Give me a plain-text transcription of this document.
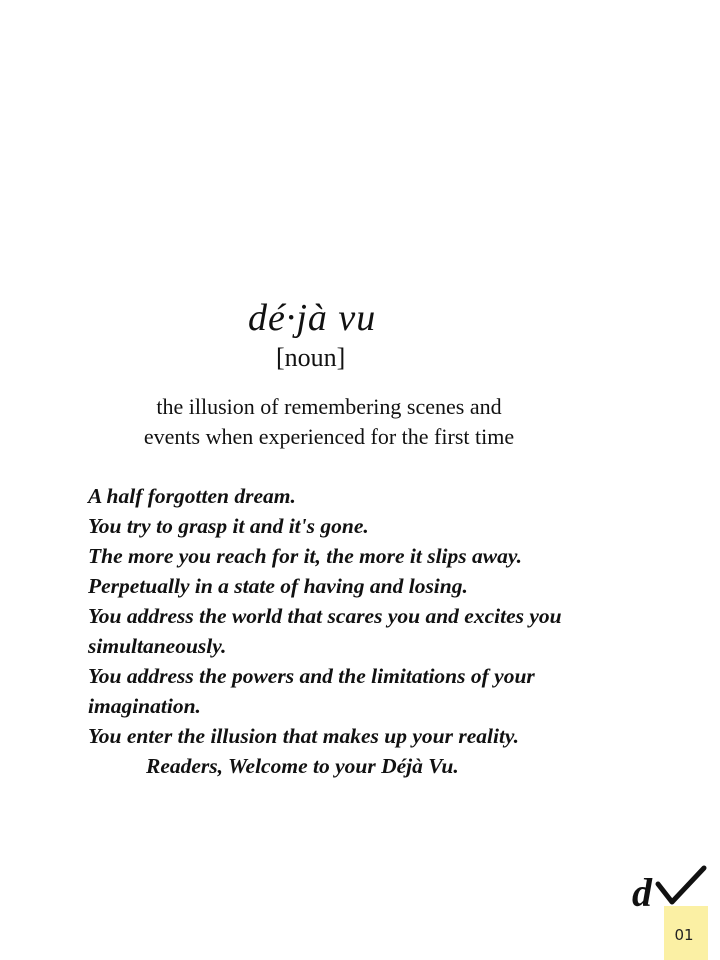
dé·jà vu
[noun]
the illusion of remembering scenes and
events when experienced for the first time
A half forgotten dream.
You try to grasp it and it's gone.
The more you reach for it, the more it slips away.
Perpetually in a state of having and losing.
You address the world that scares you and excites you
simultaneously.
You address the powers and the limitations of your
imagination.
You enter the illusion that makes up your reality.
Readers, Welcome to your Déjà Vu.
d
01
